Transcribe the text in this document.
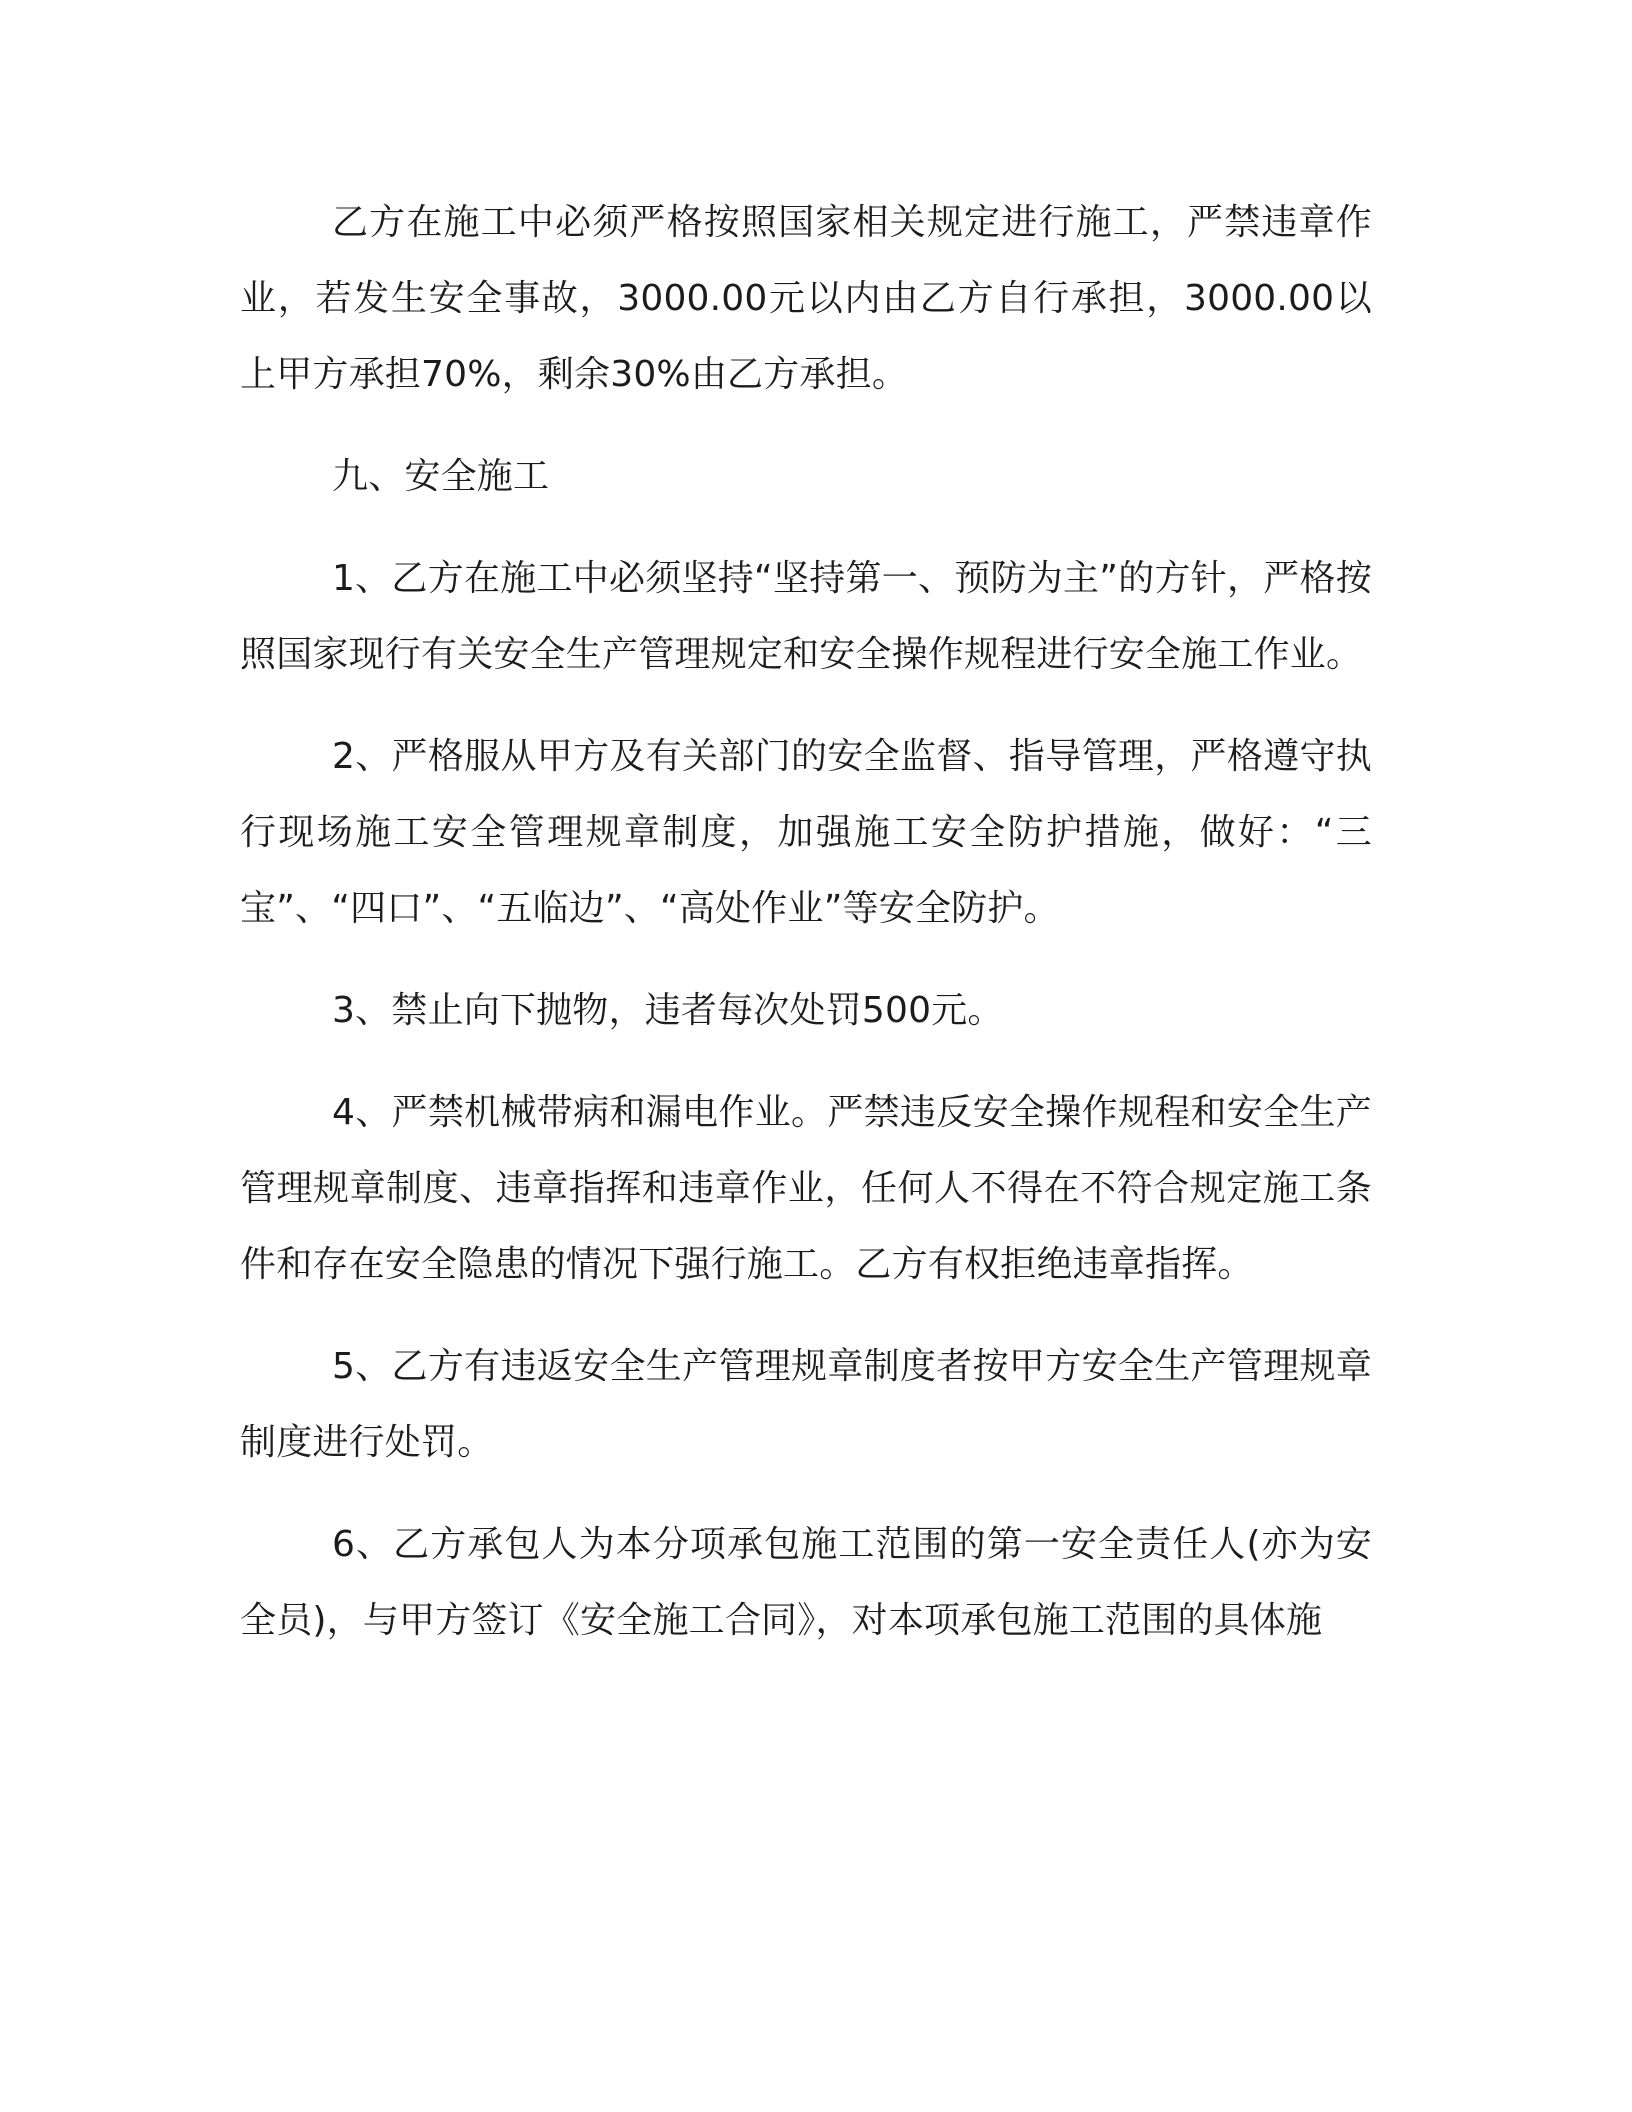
乙方在施工中必须严格按照国家相关规定进行施工，严禁违章作业，若发生安全事故，3000.00元以内由乙方自行承担，3000.00以上甲方承担70%，剩余30%由乙方承担。

九、安全施工

1、乙方在施工中必须坚持“坚持第一、预防为主”的方针，严格按照国家现行有关安全生产管理规定和安全操作规程进行安全施工作业。

2、严格服从甲方及有关部门的安全监督、指导管理，严格遵守执行现场施工安全管理规章制度，加强施工安全防护措施，做好：“三宝”、“四口”、“五临边”、“高处作业”等安全防护。

3、禁止向下抛物，违者每次处罚500元。

4、严禁机械带病和漏电作业。严禁违反安全操作规程和安全生产管理规章制度、违章指挥和违章作业，任何人不得在不符合规定施工条件和存在安全隐患的情况下强行施工。乙方有权拒绝违章指挥。

5、乙方有违返安全生产管理规章制度者按甲方安全生产管理规章制度进行处罚。

6、乙方承包人为本分项承包施工范围的第一安全责任人(亦为安全员)，与甲方签订《安全施工合同》，对本项承包施工范围的具体施
